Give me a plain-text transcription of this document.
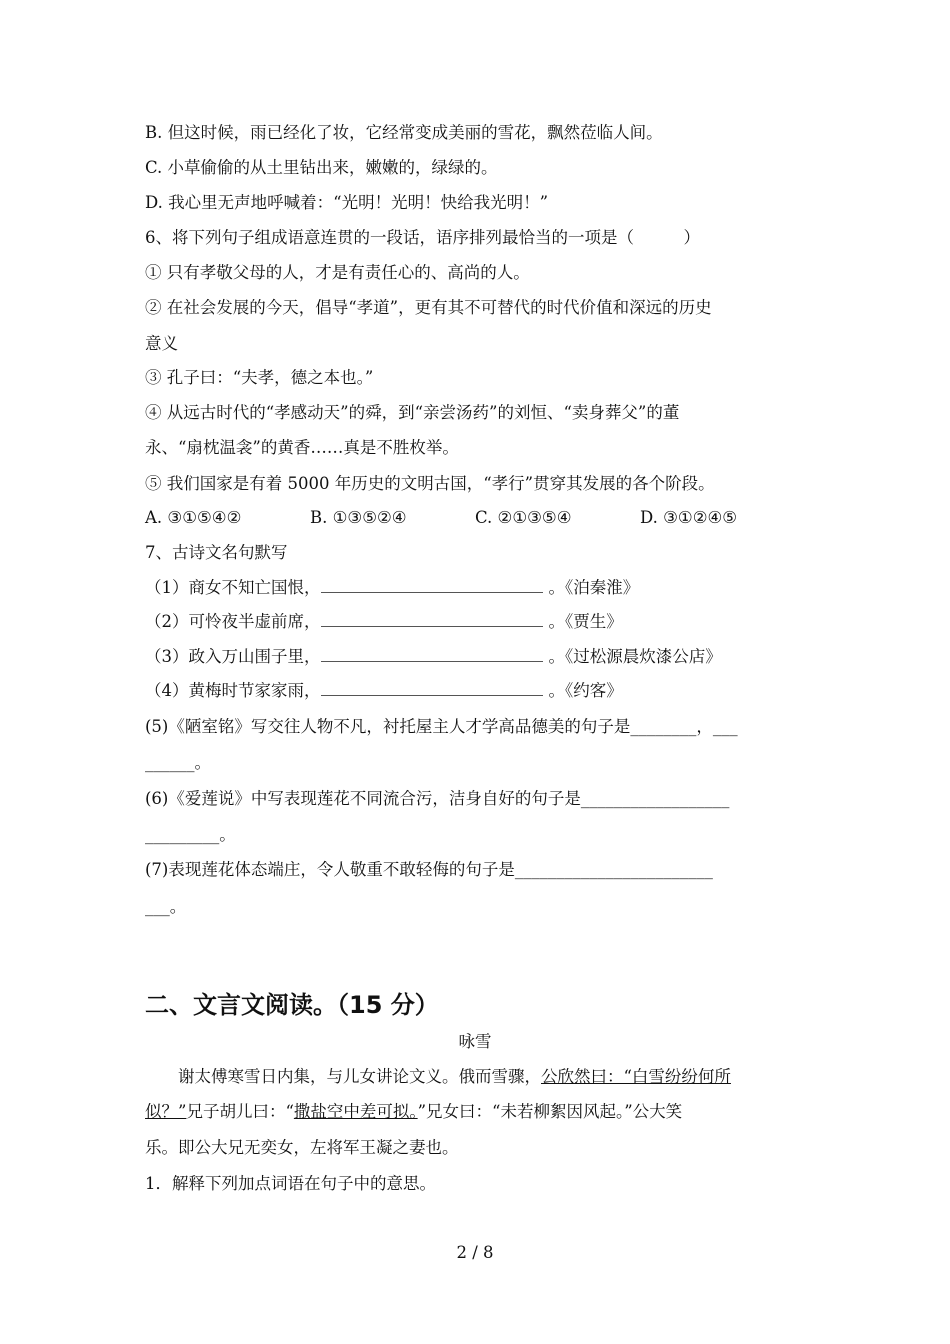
B. 但这时候，雨已经化了妆，它经常变成美丽的雪花，飘然莅临人间。
C. 小草偷偷的从土里钻出来，嫩嫩的，绿绿的。
D. 我心里无声地呼喊着：“光明！光明！快给我光明！”
6、将下列句子组成语意连贯的一段话，语序排列最恰当的一项是（　　　）
① 只有孝敬父母的人，才是有责任心的、高尚的人。
② 在社会发展的今天，倡导“孝道”，更有其不可替代的时代价值和深远的历史
意义
③ 孔子曰：“夫孝，德之本也。”
④ 从远古时代的“孝感动天”的舜，到“亲尝汤药”的刘恒、“卖身葬父”的董
永、“扇枕温衾”的黄香……真是不胜枚举。
⑤ 我们国家是有着 5000 年历史的文明古国，“孝行”贯穿其发展的各个阶段。
A. ③①⑤④②	B. ①③⑤②④	C. ②①③⑤④	D. ③①②④⑤
7、古诗文名句默写
（1）商女不知亡国恨，	。《泊秦淮》
（2）可怜夜半虚前席，	。《贾生》
（3）政入万山围子里，	。《过松源晨炊漆公店》
（4）黄梅时节家家雨，	。《约客》
(5)《陋室铭》写交往人物不凡，衬托屋主人才学高品德美的句子是________，___
______。
(6)《爱莲说》中写表现莲花不同流合污，洁身自好的句子是__________________
_________。
(7)表现莲花体态端庄，令人敬重不敢轻侮的句子是________________________
___。
二、文言文阅读。（15 分）
咏雪
谢太傅寒雪日内集，与儿女讲论文义。俄而雪骤，公欣然曰：“白雪纷纷何所
似？”兄子胡儿曰：“撒盐空中差可拟。”兄女曰：“未若柳絮因风起。”公大笑
乐。即公大兄无奕女，左将军王凝之妻也。
1．解释下列加点词语在句子中的意思。
2 / 8
